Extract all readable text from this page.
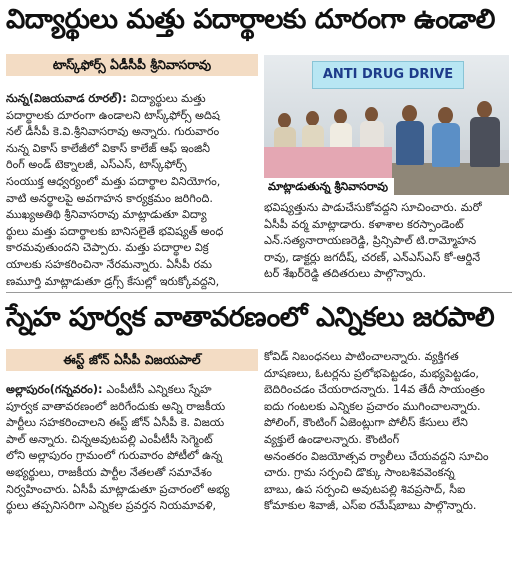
విద్యార్థులు మత్తు పదార్థాలకు దూరంగా ఉండాలి
టాస్క్‌ఫోర్స్ ఏడీసీపీ శ్రీనివాసరావు

నున్న(విజయవాడ రూరల్‌): విద్యార్థులు మత్తు

పదార్థాలకు దూరంగా ఉండాలని టాస్క్‌ఫోర్స్ అదిష

నల్ డీసీపీ కె.వి.శ్రీనివాసరావు అన్నారు. గురువారం

నున్న వికాస్ కాలేజీలో వికాస్ కాలేజ్ ఆఫ్ ఇంజినీ

రింగ్ అండ్ టెక్నాలజీ, ఎస్ఎస్, టాస్క్‌ఫోర్స్

సంయుక్త ఆధ్వర్యంలో మత్తు పదార్థాల వినియోగం,

వాటి అనర్థాలపై అవగాహన కార్యక్రమం జరిగింది.

ముఖ్యఅతిథి శ్రీనివాసరావు మాట్లాడుతూ విద్యా

ర్థులు మత్తు పదార్థాలకు బానిసలైతే భవిష్యత్ అంధ

కారమవుతుందని చెప్పారు. మత్తు పదార్థాల విక్ర

యాలకు సహకరించినా నేరమన్నారు. ఏసీపీ రమ

ణమూర్తి మాట్లాడుతూ డ్రగ్స్ కేసుల్లో ఇరుక్కోవద్దని,

ANTI DRUG DRIVE
మాట్లాడుతున్న శ్రీనివాసరావు

భవిష్యత్తును పాడుచేసుకోవద్దని సూచించారు. మరో

ఏసీపీ వర్మ మాట్లాడారు. కళాశాల కరస్పాండెంట్

ఎన్.సత్యనారాయణరెడ్డి, ప్రిన్సిపాల్ టి.రామ్మోహన

రావు, డాక్టర్లు జగదీష్, చరణ్, ఎన్ఎస్ఎస్ కో-ఆర్డినే

టర్ శేఖర్‌రెడ్డి తదితరులు పాల్గొన్నారు.

స్నేహ పూర్వక వాతావరణంలో ఎన్నికలు జరపాలి
ఈస్ట్ జోన్ ఏసీపీ విజయపాల్

అల్లాపురం(గన్నవరం): ఎంపీటీసీ ఎన్నికలు స్నేహ

పూర్వక వాతావరణంలో జరిగేందుకు అన్ని రాజకీయ

పార్టీలు సహకరించాలని ఈస్ట్ జోన్ ఏసీపీ కె. విజయ

పాల్ అన్నారు. చిన్నఅవుటపల్లి ఎంపీటీసీ సెగ్మెంట్

లోని అల్లాపురం గ్రామంలో గురువారం పోటీలో ఉన్న

అభ్యర్థులు, రాజకీయ పార్టీల నేతలతో సమావేశం

నిర్వహించారు. ఏసీపీ మాట్లాడుతూ ప్రచారంలో అభ్య

ర్థులు తప్పనిసరిగా ఎన్నికల ప్రవర్తన నియమావళి,

కోవిడ్ నిబంధనలు పాటించాలన్నారు. వ్యక్తిగత

దూషణలు, ఓటర్లను ప్రలోభపెట్టడం, మభ్యపెట్టడం,

బెదిరించడం చేయరాదన్నారు. 14వ తేదీ సాయంత్రం

ఐదు గంటలకు ఎన్నికల ప్రచారం ముగించాలన్నారు.

పోలింగ్, కౌంటింగ్ ఏజెంట్లుగా పోలీస్ కేసులు లేని

వ్యక్తులే ఉండాలన్నారు. కౌంటింగ్

అనంతరం విజయోత్సవ ర్యాలీలు చేయవద్దని సూచిం

చారు. గ్రామ సర్పంచి డొక్కు సాంబశివవెంకన్న

బాబు, ఉప సర్పంచి అవుటపల్లి శివప్రసాద్, సీఐ

కోమాకుల శివాజీ, ఎస్ఐ రమేష్‌బాబు పాల్గొన్నారు.
